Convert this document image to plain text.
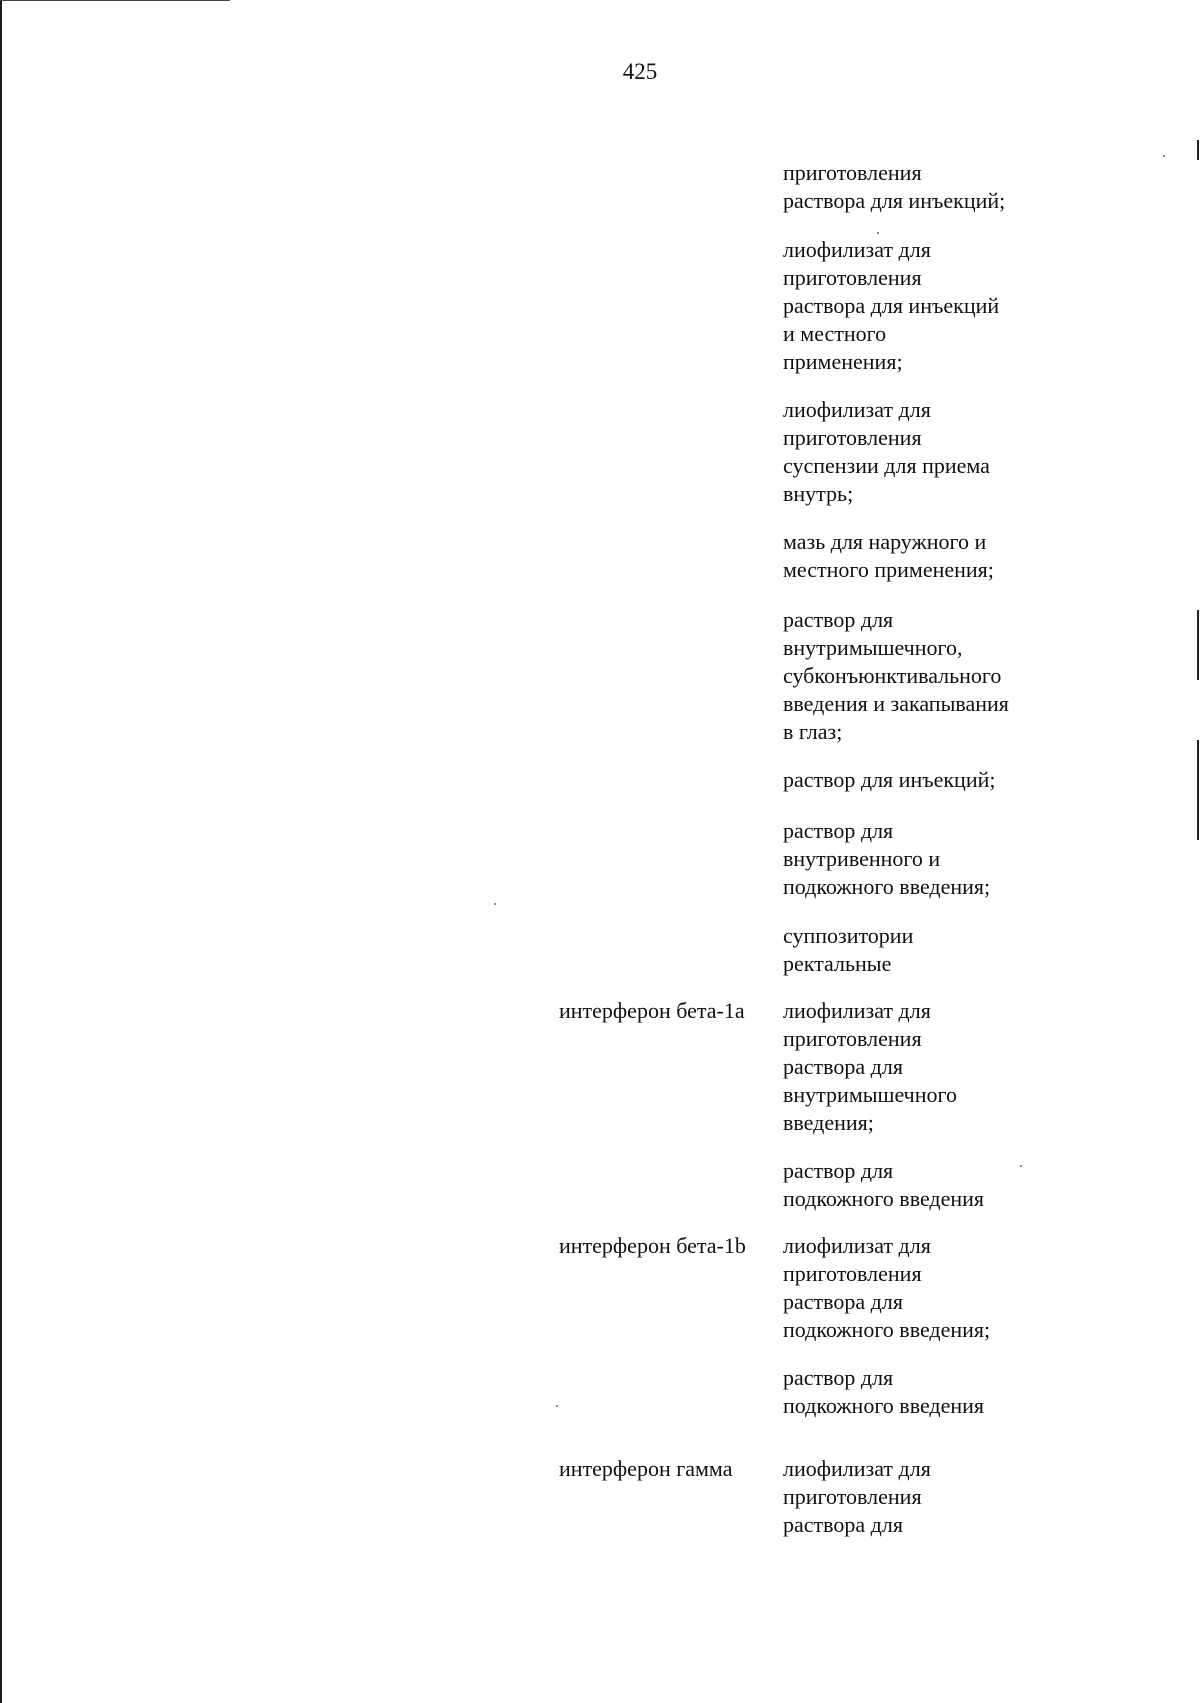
425
приготовления
раствора для инъекций;
лиофилизат для
приготовления
раствора для инъекций
и местного
применения;
лиофилизат для
приготовления
суспензии для приема
внутрь;
мазь для наружного и
местного применения;
раствор для
внутримышечного,
субконъюнктивального
введения и закапывания
в глаз;
раствор для инъекций;
раствор для
внутривенного и
подкожного введения;
суппозитории
ректальные
интерферон бета-1a лиофилизат для
приготовления
раствора для
внутримышечного
введения;
раствор для
подкожного введения
интерферон бета-1b лиофилизат для
приготовления
раствора для
подкожного введения;
раствор для
подкожного введения
интерферон гамма лиофилизат для
приготовления
раствора для
